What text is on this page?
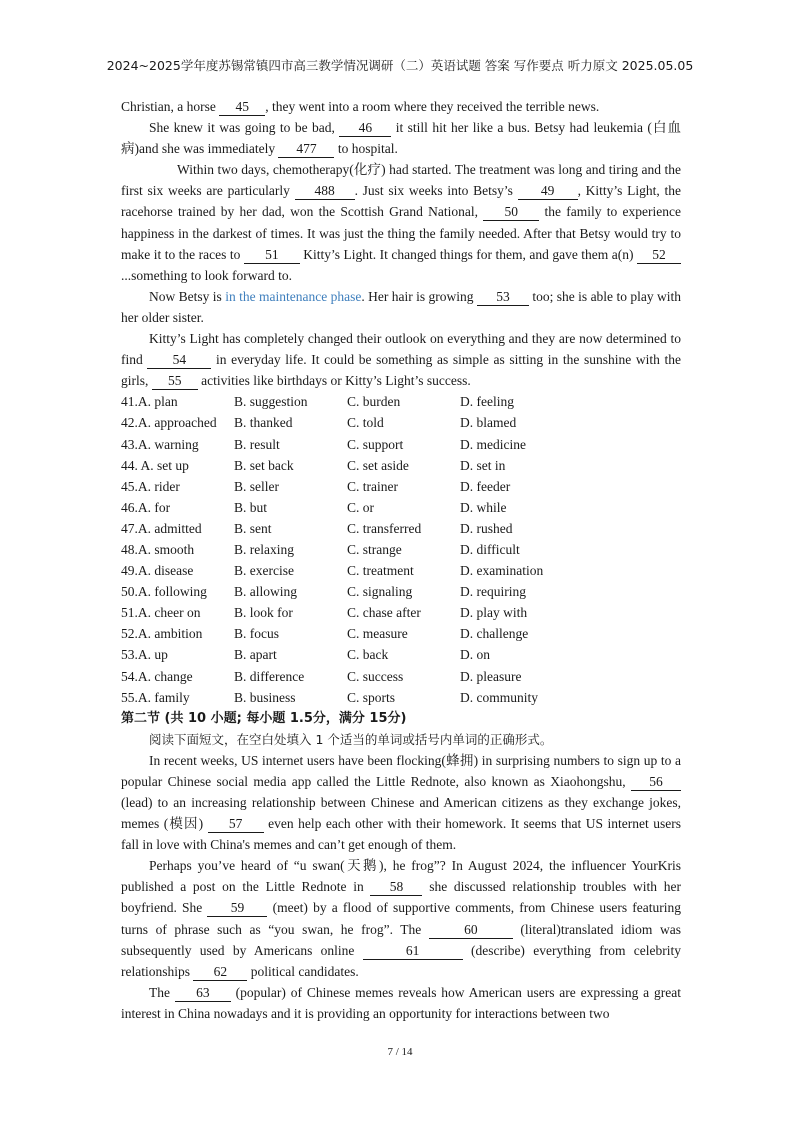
2024~2025学年度苏锡常镇四市高三教学情况调研（二）英语试题 答案 写作要点 听力原文 2025.05.05

Christian, a horse 45 , they went into a room where they received the terrible news.

She knew it was going to be bad, 46 it still hit her like a bus. Betsy had leukemia (白血病)and she was immediately 477 to hospital.

Within two days, chemotherapy(化疗) had started. The treatment was long and tiring and the first six weeks are particularly 488 . Just six weeks into Betsy’s 49 , Kitty’s Light, the racehorse trained by her dad, won the Scottish Grand National, 50 the family to experience happiness in the darkest of times. It was just the thing the family needed. After that Betsy would try to make it to the races to 51 Kitty’s Light. It changed things for them, and gave them a(n) 52...something to look forward to.

Now Betsy is in the maintenance phase. Her hair is growing 53 too; she is able to play with her older sister.

Kitty’s Light has completely changed their outlook on everything and they are now determined to find 54 in everyday life. It could be something as simple as sitting in the sunshine with the girls, 55 activities like birthdays or Kitty’s Light’s success.

41.A. plan	B. suggestion	C. burden	D. feeling
42.A. approached	B. thanked	C. told	D. blamed
43.A. warning	B. result	C. support	D. medicine
44. A. set up	B. set back	C. set aside	D. set in
45.A. rider	B. seller	C. trainer	D. feeder
46.A. for	B. but	C. or	D. while
47.A. admitted	B. sent	C. transferred	D. rushed
48.A. smooth	B. relaxing	C. strange	D. difficult
49.A. disease	B. exercise	C. treatment	D. examination
50.A. following	B. allowing	C. signaling	D. requiring
51.A. cheer on	B. look for	C. chase after	D. play with
52.A. ambition	B. focus	C. measure	D. challenge
53.A. up	B. apart	C. back	D. on
54.A. change	B. difference	C. success	D. pleasure
55.A. family	B. business	C. sports	D. community

第二节 (共 10 小题; 每小题 1.5分，满分 15分)

阅读下面短文，在空白处填入 1 个适当的单词或括号内单词的正确形式。

In recent weeks, US internet users have been flocking(蜂拥) in surprising numbers to sign up to a popular Chinese social media app called the Little Rednote, also known as Xiaohongshu, 56 (lead) to an increasing relationship between Chinese and American citizens as they exchange jokes, memes (模因) 57 even help each other with their homework. It seems that US internet users fall in love with China's memes and can’t get enough of them.

Perhaps you’ve heard of “u swan(天鹅), he frog”? In August 2024, the influencer YourKris published a post on the Little Rednote in 58 she discussed relationship troubles with her boyfriend. She 59 (meet) by a flood of supportive comments, from Chinese users featuring turns of phrase such as “you swan, he frog”. The	60	(literal)translated idiom was subsequently used by Americans online	61	(describe) everything from celebrity relationships 62 political candidates.

The 63 (popular) of Chinese memes reveals how American users are expressing a great interest in China nowadays and it is providing an opportunity for interactions between two

7 / 14
